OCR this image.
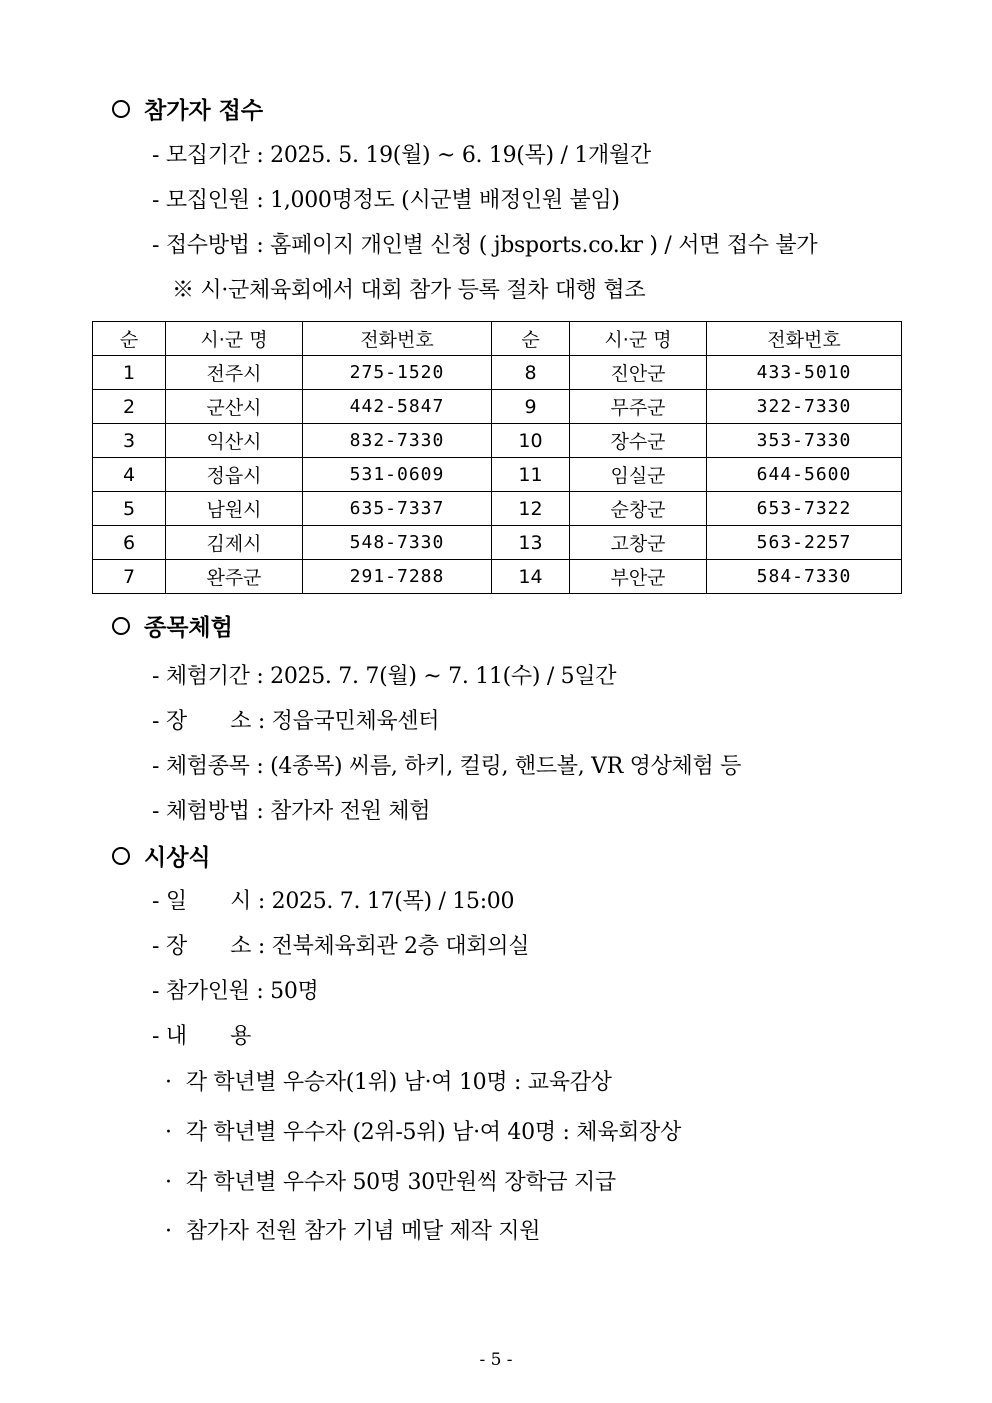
참가자 접수
- 모집기간 : 2025. 5. 19(월) ~ 6. 19(목) / 1개월간
- 모집인원 : 1,000명정도 (시군별 배정인원 붙임)
- 접수방법 : 홈페이지 개인별 신청 ( jbsports.co.kr ) / 서면 접수 불가
※ 시·군체육회에서 대회 참가 등록 절차 대행 협조
순	시·군 명	전화번호	순	시·군 명	전화번호
1	전주시	275-1520	8	진안군	433-5010
2	군산시	442-5847	9	무주군	322-7330
3	익산시	832-7330	10	장수군	353-7330
4	정읍시	531-0609	11	임실군	644-5600
5	남원시	635-7337	12	순창군	653-7322
6	김제시	548-7330	13	고창군	563-2257
7	완주군	291-7288	14	부안군	584-7330
종목체험
- 체험기간 : 2025. 7. 7(월) ~ 7. 11(수) / 5일간
- 장　　소 : 정읍국민체육센터
- 체험종목 : (4종목) 씨름, 하키, 컬링, 핸드볼, VR 영상체험 등
- 체험방법 : 참가자 전원 체험
시상식
- 일　　시 : 2025. 7. 17(목) / 15:00
- 장　　소 : 전북체육회관 2층 대회의실
- 참가인원 : 50명
- 내　　용
· 각 학년별 우승자(1위) 남·여 10명 : 교육감상
· 각 학년별 우수자 (2위-5위) 남·여 40명 : 체육회장상
· 각 학년별 우수자 50명 30만원씩 장학금 지급
· 참가자 전원 참가 기념 메달 제작 지원
- 5 -
